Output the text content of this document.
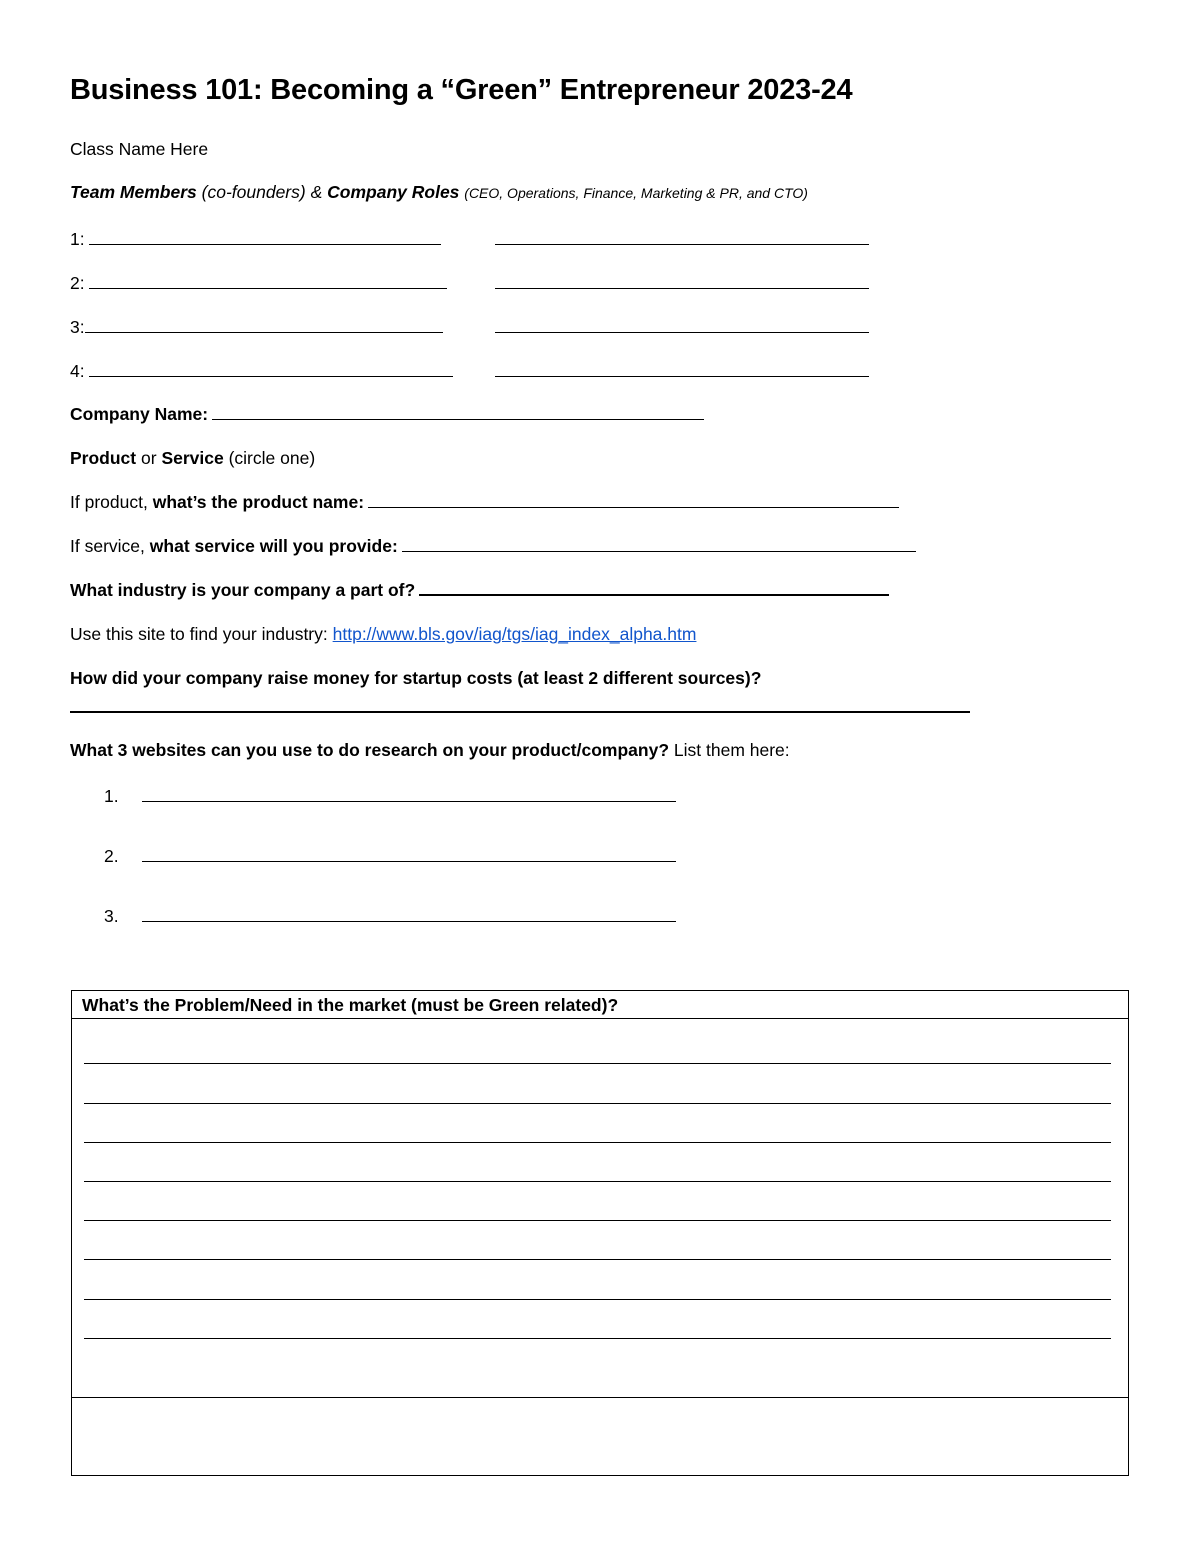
Business 101: Becoming a “Green” Entrepreneur 2023-24
Class Name Here
Team Members (co-founders) & Company Roles (CEO, Operations, Finance, Marketing & PR, and CTO)
1:
2:
3:
4:
Company Name:
Product or Service (circle one)
If product, what’s the product name:
If service, what service will you provide:
What industry is your company a part of?
Use this site to find your industry: http://www.bls.gov/iag/tgs/iag_index_alpha.htm
How did your company raise money for startup costs (at least 2 different sources)?
What 3 websites can you use to do research on your product/company? List them here:
1.
2.
3.
What’s the Problem/Need in the market (must be Green related)?
